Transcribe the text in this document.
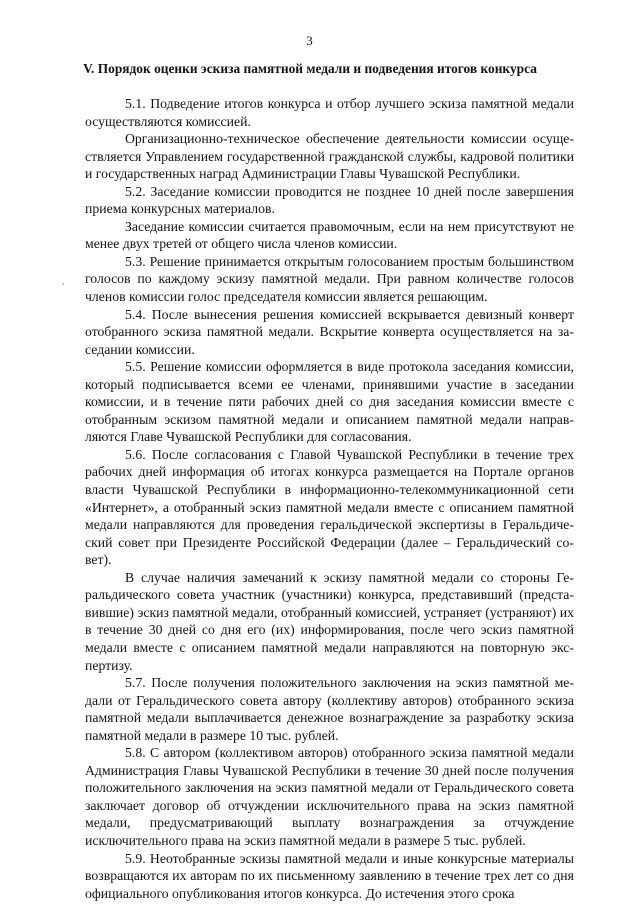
3
V. Порядок оценки эскиза памятной медали и подведения итогов конкурса

5.1. Подведение итогов конкурса и отбор лучшего эскиза памятной медали осуществляются комиссией.

Организационно-техническое обеспечение деятельности комиссии осуществляется Управлением государственной гражданской службы, кадровой политики и государственных наград Администрации Главы Чувашской Республики.

5.2. Заседание комиссии проводится не позднее 10 дней после завершения приема конкурсных материалов.

Заседание комиссии считается правомочным, если на нем присутствуют не менее двух третей от общего числа членов комиссии.

5.3. Решение принимается открытым голосованием простым большинством голосов по каждому эскизу памятной медали. При равном количестве голосов членов комиссии голос председателя комиссии является решающим.

5.4. После вынесения решения комиссией вскрывается девизный конверт отобранного эскиза памятной медали. Вскрытие конверта осуществляется на заседании комиссии.

5.5. Решение комиссии оформляется в виде протокола заседания комиссии, который подписывается всеми ее членами, принявшими участие в заседании комиссии, и в течение пяти рабочих дней со дня заседания комиссии вместе с отобранным эскизом памятной медали и описанием памятной медали направляются Главе Чувашской Республики для согласования.

5.6. После согласования с Главой Чувашской Республики в течение трех рабочих дней информация об итогах конкурса размещается на Портале органов власти Чувашской Республики в информационно-телекоммуникационной сети «Интернет», а отобранный эскиз памятной медали вместе с описанием памятной медали направляются для проведения геральдической экспертизы в Геральдический совет при Президенте Российской Федерации (далее – Геральдический совет).

В случае наличия замечаний к эскизу памятной медали со стороны Геральдического совета участник (участники) конкурса, представивший (представившие) эскиз памятной медали, отобранный комиссией, устраняет (устраняют) их в течение 30 дней со дня его (их) информирования, после чего эскиз памятной медали вместе с описанием памятной медали направляются на повторную экспертизу.

5.7. После получения положительного заключения на эскиз памятной медали от Геральдического совета автору (коллективу авторов) отобранного эскиза памятной медали выплачивается денежное вознаграждение за разработку эскиза памятной медали в размере 10 тыс. рублей.

5.8. С автором (коллективом авторов) отобранного эскиза памятной медали Администрация Главы Чувашской Республики в течение 30 дней после получения положительного заключения на эскиз памятной медали от Геральдического совета заключает договор об отчуждении исключительного права на эскиз памятной медали, предусматривающий выплату вознаграждения за отчуждение исключительного права на эскиз памятной медали в размере 5 тыс. рублей.

5.9. Неотобранные эскизы памятной медали и иные конкурсные материалы возвращаются их авторам по их письменному заявлению в течение трех лет со дня официального опубликования итогов конкурса. До истечения этого срока
